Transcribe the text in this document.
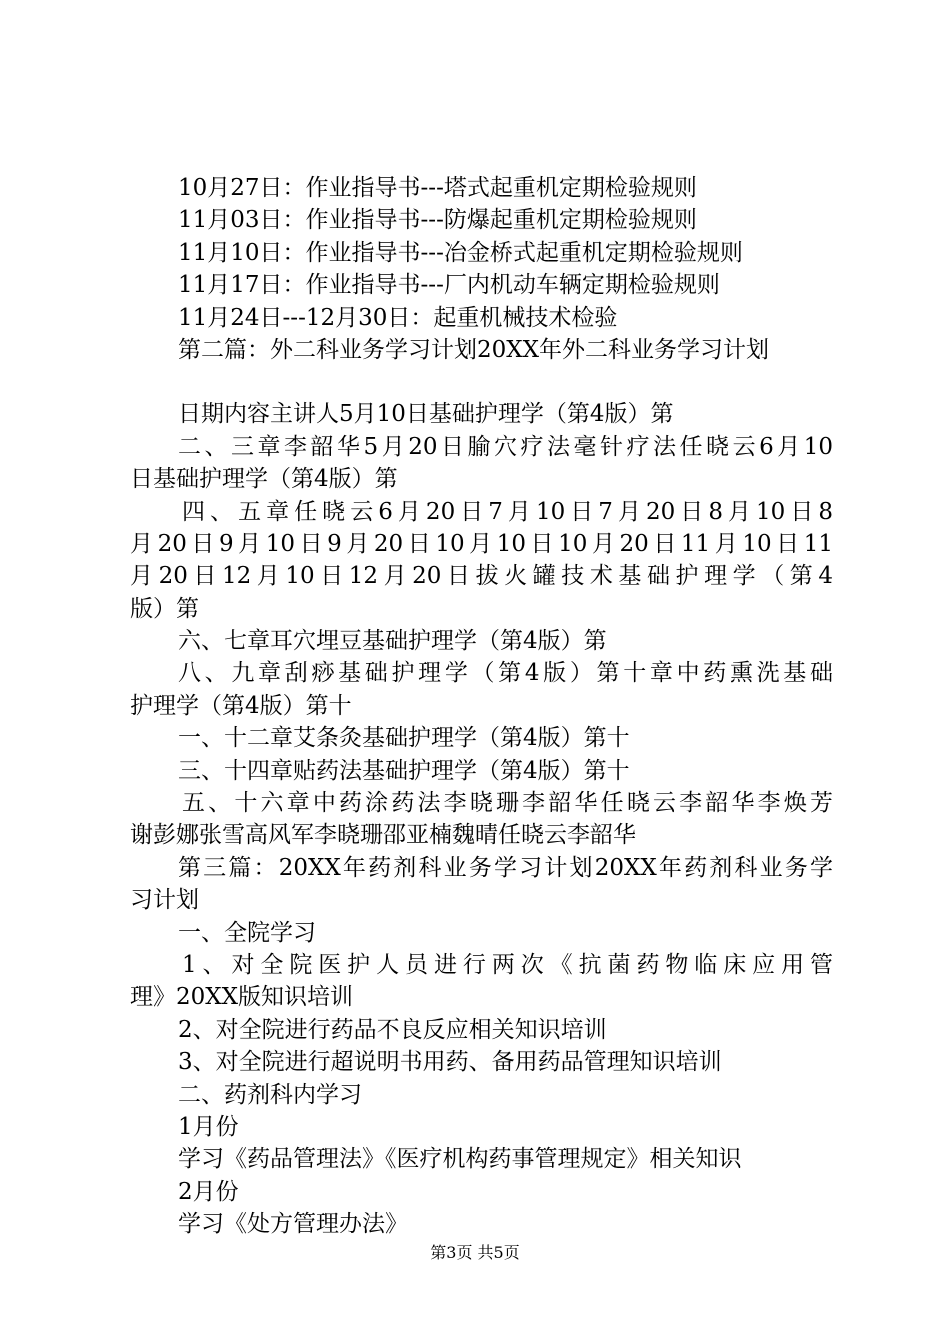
10月27日：作业指导书---塔式起重机定期检验规则
11月03日：作业指导书---防爆起重机定期检验规则
11月10日：作业指导书---冶金桥式起重机定期检验规则
11月17日：作业指导书---厂内机动车辆定期检验规则
11月24日---12月30日：起重机械技术检验
第二篇：外二科业务学习计划20XX年外二科业务学习计划
日期内容主讲人5月10日基础护理学（第4版）第
二、三章李韶华5月20日腧穴疗法毫针疗法任晓云6月10
日基础护理学（第4版）第
四、五章任晓云6月20日7月10日7月20日8月10日8
月20日9月10日9月20日10月10日10月20日11月10日11
月20日12月10日12月20日拔火罐技术基础护理学（第4
版）第
六、七章耳穴埋豆基础护理学（第4版）第
八、九章刮痧基础护理学（第4版）第十章中药熏洗基础
护理学（第4版）第十
一、十二章艾条灸基础护理学（第4版）第十
三、十四章贴药法基础护理学（第4版）第十
五、十六章中药涂药法李晓珊李韶华任晓云李韶华李焕芳
谢彭娜张雪高风军李晓珊邵亚楠魏晴任晓云李韶华
第三篇：20XX年药剂科业务学习计划20XX年药剂科业务学
习计划
一、全院学习
1、对全院医护人员进行两次《抗菌药物临床应用管
理》20XX版知识培训
2、对全院进行药品不良反应相关知识培训
3、对全院进行超说明书用药、备用药品管理知识培训
二、药剂科内学习
1月份
学习《药品管理法》《医疗机构药事管理规定》相关知识
2月份
学习《处方管理办法》
第3页 共5页
